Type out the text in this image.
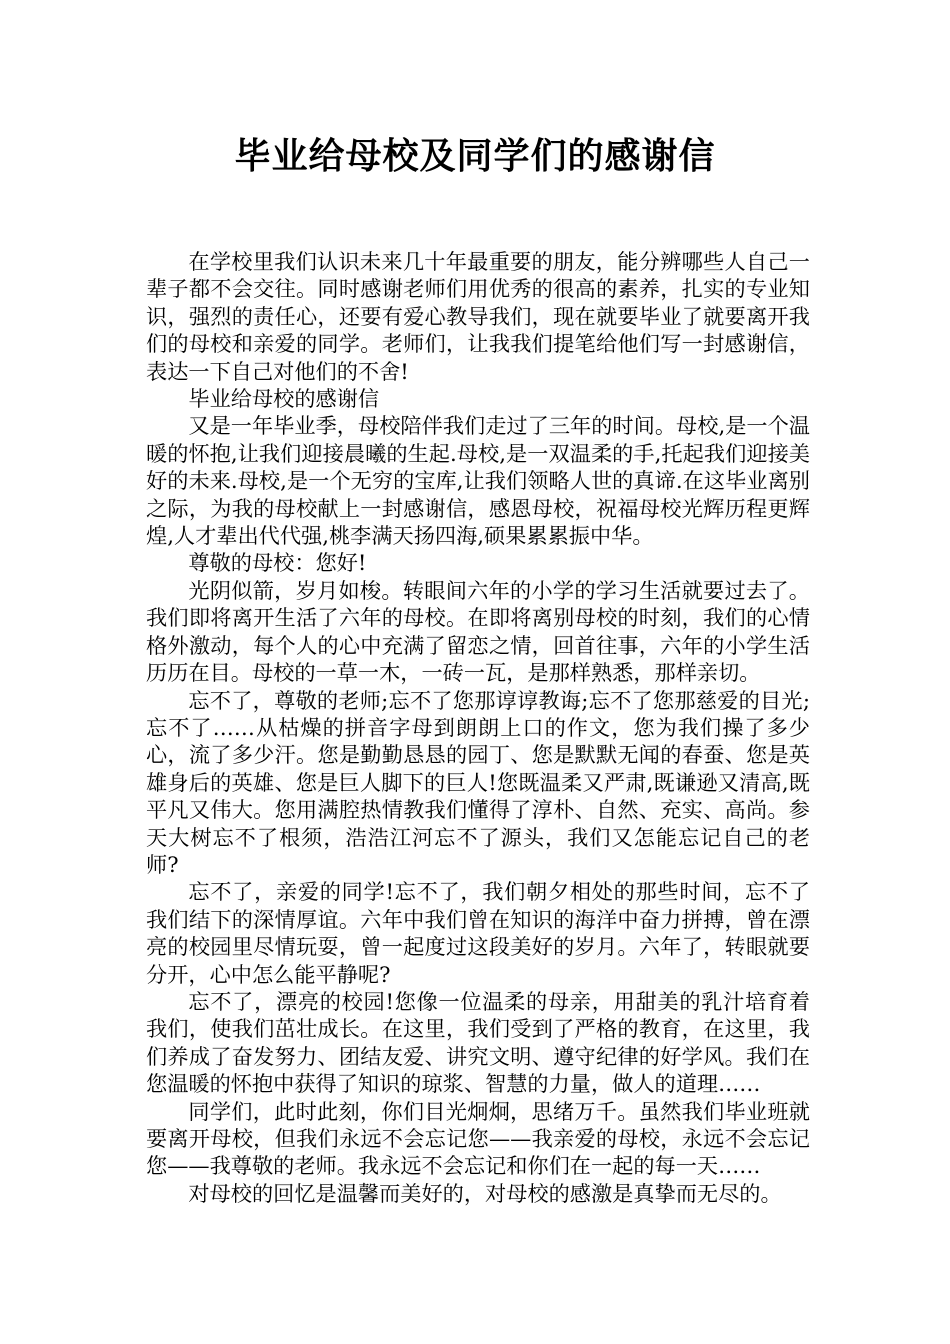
毕业给母校及同学们的感谢信

在学校里我们认识未来几十年最重要的朋友，能分辨哪些人自己一辈子都不会交往。同时感谢老师们用优秀的很高的素养，扎实的专业知识，强烈的责任心，还要有爱心教导我们，现在就要毕业了就要离开我们的母校和亲爱的同学。老师们，让我我们提笔给他们写一封感谢信，表达一下自己对他们的不舍!

毕业给母校的感谢信

又是一年毕业季，母校陪伴我们走过了三年的时间。母校,是一个温暖的怀抱,让我们迎接晨曦的生起.母校,是一双温柔的手,托起我们迎接美好的未来.母校,是一个无穷的宝库,让我们领略人世的真谛.在这毕业离别之际，为我的母校献上一封感谢信，感恩母校，祝福母校光辉历程更辉煌,人才辈出代代强,桃李满天扬四海,硕果累累振中华。

尊敬的母校：您好!

光阴似箭，岁月如梭。转眼间六年的小学的学习生活就要过去了。我们即将离开生活了六年的母校。在即将离别母校的时刻，我们的心情格外激动，每个人的心中充满了留恋之情，回首往事，六年的小学生活历历在目。母校的一草一木，一砖一瓦，是那样熟悉，那样亲切。

忘不了，尊敬的老师;忘不了您那谆谆教诲;忘不了您那慈爱的目光;忘不了……从枯燥的拼音字母到朗朗上口的作文，您为我们操了多少心，流了多少汗。您是勤勤恳恳的园丁、您是默默无闻的春蚕、您是英雄身后的英雄、您是巨人脚下的巨人!您既温柔又严肃,既谦逊又清高,既平凡又伟大。您用满腔热情教我们懂得了淳朴、自然、充实、高尚。参天大树忘不了根须，浩浩江河忘不了源头，我们又怎能忘记自己的老师?

忘不了，亲爱的同学!忘不了，我们朝夕相处的那些时间，忘不了我们结下的深情厚谊。六年中我们曾在知识的海洋中奋力拼搏，曾在漂亮的校园里尽情玩耍，曾一起度过这段美好的岁月。六年了，转眼就要分开，心中怎么能平静呢?

忘不了，漂亮的校园!您像一位温柔的母亲，用甜美的乳汁培育着我们，使我们茁壮成长。在这里，我们受到了严格的教育，在这里，我们养成了奋发努力、团结友爱、讲究文明、遵守纪律的好学风。我们在您温暖的怀抱中获得了知识的琼浆、智慧的力量，做人的道理……

同学们，此时此刻，你们目光炯炯，思绪万千。虽然我们毕业班就要离开母校，但我们永远不会忘记您——我亲爱的母校，永远不会忘记您——我尊敬的老师。我永远不会忘记和你们在一起的每一天……

对母校的回忆是温馨而美好的，对母校的感激是真挚而无尽的。
